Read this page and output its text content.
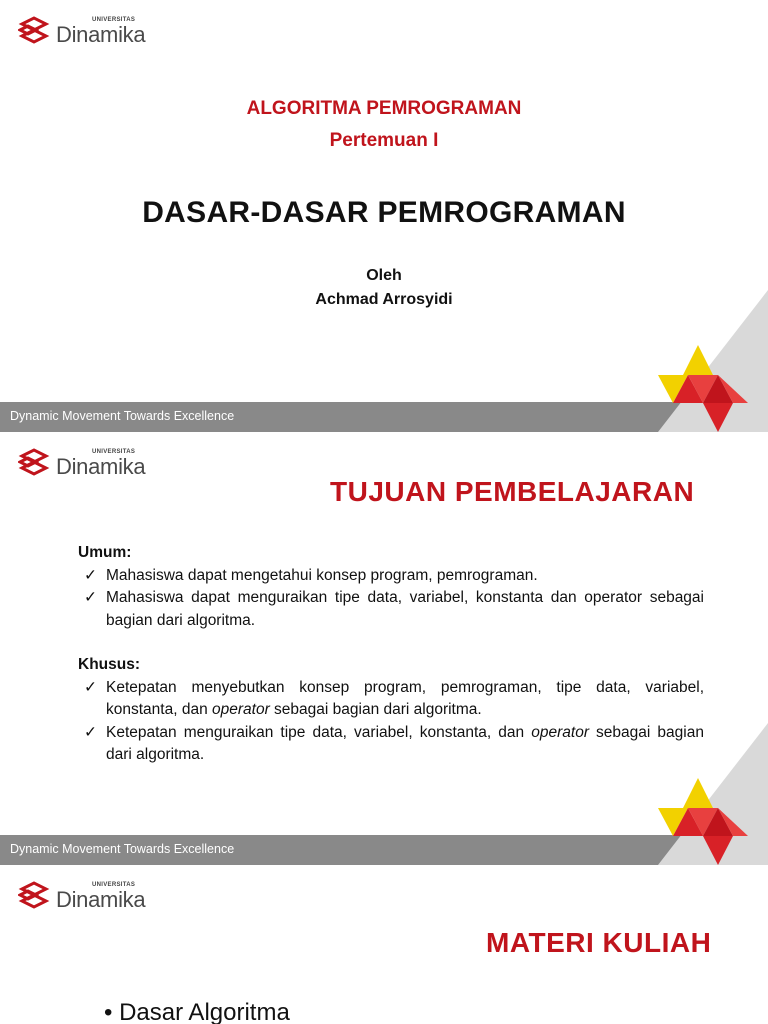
UNIVERSITAS
Dinamika
ALGORITMA PEMROGRAMAN
Pertemuan I
DASAR-DASAR PEMROGRAMAN
Oleh
Achmad Arrosyidi
Dynamic Movement Towards Excellence
UNIVERSITAS
Dinamika
TUJUAN PEMBELAJARAN
Umum:
✓ Mahasiswa dapat mengetahui konsep program, pemrograman.
✓ Mahasiswa dapat menguraikan tipe data, variabel, konstanta dan operator sebagai bagian dari algoritma.
Khusus:
✓ Ketepatan menyebutkan konsep program, pemrograman, tipe data, variabel, konstanta, dan operator sebagai bagian dari algoritma.
✓ Ketepatan menguraikan tipe data, variabel, konstanta, dan operator sebagai bagian dari algoritma.
Dynamic Movement Towards Excellence
UNIVERSITAS
Dinamika
MATERI KULIAH
• Dasar Algoritma
